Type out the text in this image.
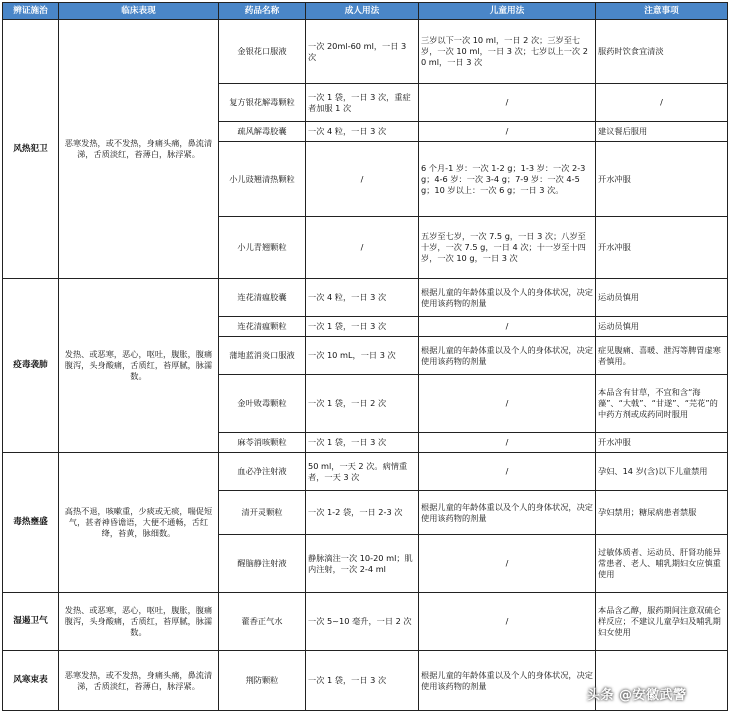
辨证施治	临床表现	药品名称	成人用法	儿童用法	注意事项
风热犯卫	恶寒发热，或不发热，身痛头痛，鼻流清涕，舌质淡红，苔薄白，脉浮紧。	金银花口服液	一次 20ml-60 ml，一日 3 次	三岁以下一次 10 ml，一日 2 次；三岁至七岁，一次 10 ml，一日 3 次；七岁以上一次 20 ml，一日 3 次	服药时饮食宜清淡
		复方银花解毒颗粒	一次 1 袋，一日 3 次，重症者加服 1 次	/	/
		疏风解毒胶囊	一次 4 粒，一日 3 次	/	建议餐后服用
		小儿豉翘清热颗粒	/	6 个月-1 岁：一次 1-2 g；1-3 岁：一次 2-3 g；4-6 岁：一次 3-4 g；7-9 岁：一次 4-5 g；10 岁以上：一次 6 g；一日 3 次。	开水冲服
		小儿青翘颗粒	/	五岁至七岁，一次 7.5 g，一日 3 次；八岁至十岁，一次 7.5 g，一日 4 次；十一岁至十四岁，一次 10 g，一日 3 次	开水冲服
疫毒袭肺	发热、或恶寒，恶心，呕吐，腹胀，腹痛腹泻，头身酸痛，舌质红，苔厚腻，脉濡数。	连花清瘟胶囊	一次 4 粒，一日 3 次	根据儿童的年龄体重以及个人的身体状况，决定使用该药物的剂量	运动员慎用
		连花清瘟颗粒	一次 1 袋，一日 3 次	/	运动员慎用
		蒲地蓝消炎口服液	一次 10 mL，一日 3 次	根据儿童的年龄体重以及个人的身体状况，决定使用该药物的剂量	症见腹痛、喜暖、泄泻等脾胃虚寒者慎用。
		金叶败毒颗粒	一次 1 袋，一日 2 次	/	本品含有甘草，不宜和含“海藻”、“大戟”、“甘遂”、“芫花”的中药方剂或成药同时服用
		麻苓消咳颗粒	一次 1 袋，一日 3 次	/	开水冲服
毒热壅盛	高热不退，咳嗽重，少痰或无痰，喘促短气，甚者神昏谵语，大便不通畅，舌红绛，苔黄，脉细数。	血必净注射液	50 ml，一天 2 次。病情重者，一天 3 次	/	孕妇、14 岁(含)以下儿童禁用
		清开灵颗粒	一次 1-2 袋，一日 2-3 次	根据儿童的年龄体重以及个人的身体状况，决定使用该药物的剂量	孕妇禁用；糖尿病患者禁服
		醒脑静注射液	静脉滴注一次 10-20 ml；肌内注射，一次 2-4 ml	/	过敏体质者、运动员、肝肾功能异常患者、老人、哺乳期妇女应慎重使用
湿遏卫气	发热、或恶寒，恶心，呕吐，腹胀，腹痛腹泻，头身酸痛，舌质红，苔厚腻，脉濡数。	藿香正气水	一次 5~10 毫升，一日 2 次	/	本品含乙醇，服药期间注意双硫仑样反应；不建议儿童孕妇及哺乳期妇女使用
风寒束表	恶寒发热，或不发热，身痛头痛，鼻流清涕，舌质淡红，苔薄白，脉浮紧。	荆防颗粒	一次 1 袋，一日 3 次	根据儿童的年龄体重以及个人的身体状况，决定使用该药物的剂量	
头条 @安徽武警
